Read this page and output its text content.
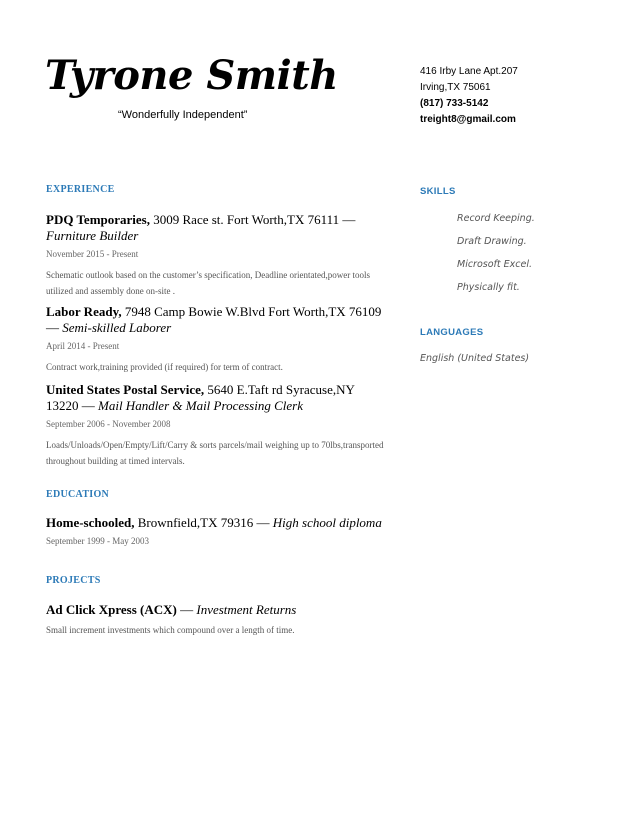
Tyrone Smith
“Wonderfully Independent”
416 Irby Lane Apt.207
Irving,TX 75061
(817) 733-5142
treight8@gmail.com
EXPERIENCE
PDQ Temporaries, 3009 Race st. Fort Worth,TX 76111 — Furniture Builder
November 2015 - Present
Schematic outlook based on the customer’s specification, Deadline orientated,power tools utilized and assembly done on-site .
Labor Ready, 7948 Camp Bowie W.Blvd Fort Worth,TX 76109 — Semi-skilled Laborer
April 2014 - Present
Contract work,training provided (if required) for term of contract.
United States Postal Service, 5640 E.Taft rd Syracuse,NY 13220 — Mail Handler & Mail Processing Clerk
September 2006 - November 2008
Loads/Unloads/Open/Empty/Lift/Carry & sorts parcels/mail weighing up to 70lbs,transported throughout building at timed intervals.
EDUCATION
Home-schooled, Brownfield,TX 79316 — High school diploma
September 1999 - May 2003
PROJECTS
Ad Click Xpress (ACX) — Investment Returns
Small increment investments which compound over a length of time.
SKILLS
Record Keeping.
Draft Drawing.
Microsoft Excel.
Physically fit.
LANGUAGES
English (United States)
